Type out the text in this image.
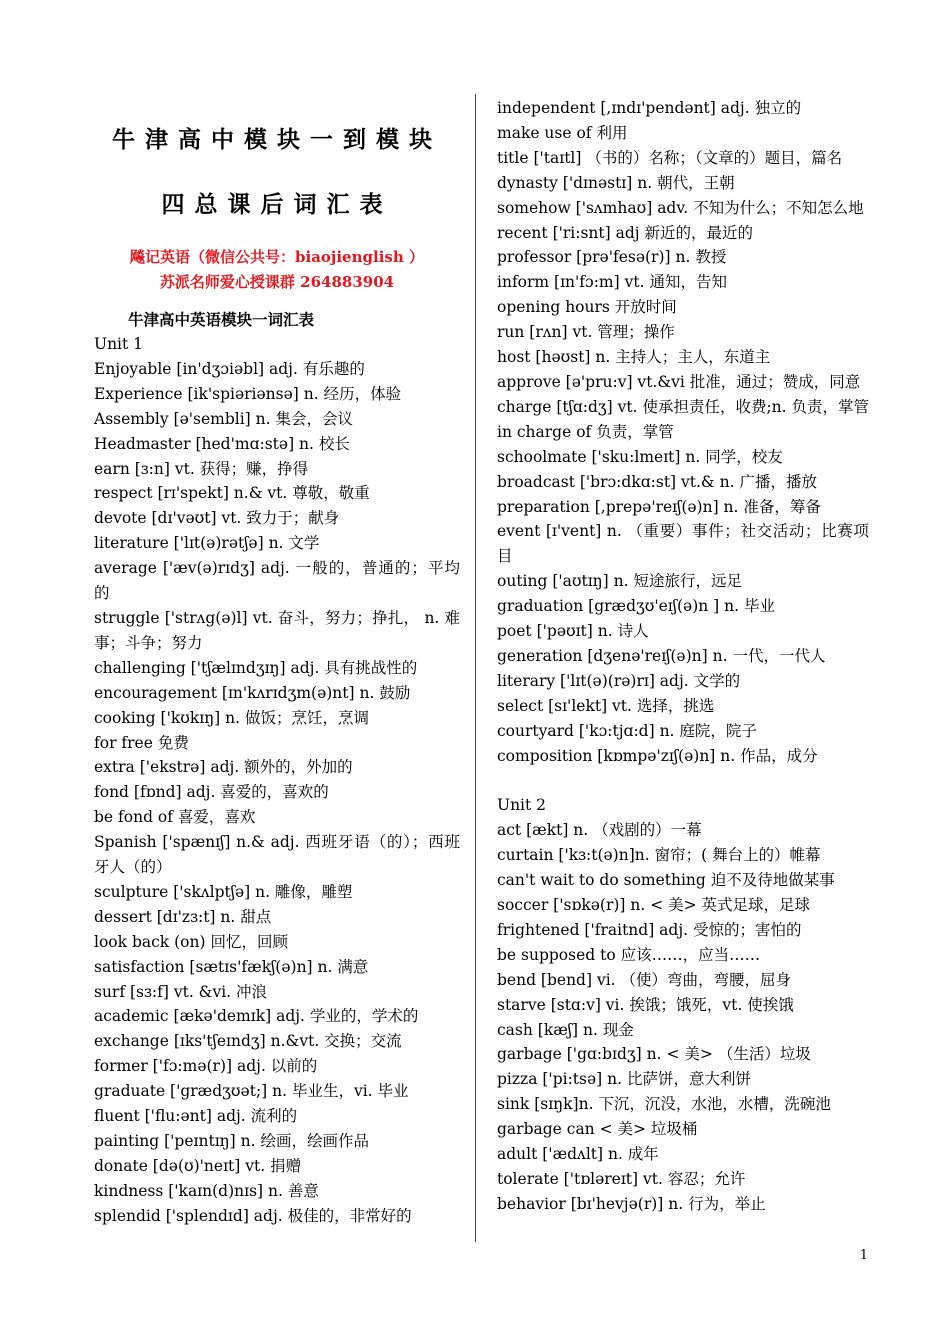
牛津高中模块一到模块
四总课后词汇表
飚记英语（微信公共号：biaojienglish ）
苏派名师爱心授课群 264883904
牛津高中英语模块一词汇表
Unit 1
Enjoyable [in'dʒɔiəbl] adj. 有乐趣的
Experience [ik'spiəriənsə] n. 经历，体验
Assembly [ə'sembli] n. 集会，会议
Headmaster [hed'mɑ:stə] n. 校长
earn [ɜ:n] vt. 获得；赚，挣得
respect [rɪ'spekt] n.& vt. 尊敬，敬重
devote [dɪ'vəʊt] vt. 致力于；献身
literature ['lɪt(ə)rətʃə] n. 文学
average ['æv(ə)rɪdʒ] adj. 一般的，普通的；平均的
struggle ['strʌg(ə)l] vt. 奋斗，努力；挣扎， n. 难事；斗争；努力
challenging ['tʃælɪndʒɪŋ] adj. 具有挑战性的
encouragement [ɪn'kʌrɪdʒm(ə)nt] n. 鼓励
cooking ['kʊkɪŋ] n. 做饭；烹饪，烹调
for free 免费
extra ['ekstrə] adj. 额外的，外加的
fond [fɒnd] adj. 喜爱的，喜欢的
be fond of 喜爱，喜欢
Spanish ['spænɪʃ] n.& adj. 西班牙语（的）；西班牙人（的）
sculpture ['skʌlptʃə] n. 雕像，雕塑
dessert [dɪ'zɜ:t] n. 甜点
look back (on) 回忆，回顾
satisfaction [sætɪs'fækʃ(ə)n] n. 满意
surf [sɜ:f] vt. &vi. 冲浪
academic [ækə'demɪk] adj. 学业的，学术的
exchange [ɪks'tʃeɪndʒ] n.&vt. 交换；交流
former ['fɔ:mə(r)] adj. 以前的
graduate ['grædʒʊət;] n. 毕业生，vi. 毕业
fluent ['flu:ənt] adj. 流利的
painting ['peɪntɪŋ] n. 绘画，绘画作品
donate [də(ʊ)'neɪt] vt. 捐赠
kindness ['kaɪn(d)nɪs] n. 善意
splendid ['splendɪd] adj. 极佳的，非常好的
independent [,ɪndɪ'pendənt] adj. 独立的
make use of 利用
title ['taɪtl] （书的）名称；（文章的）题目，篇名
dynasty ['dɪnəstɪ] n. 朝代，王朝
somehow ['sʌmhaʊ] adv. 不知为什么；不知怎么地
recent ['ri:snt] adj 新近的，最近的
professor [prə'fesə(r)] n. 教授
inform [ɪn'fɔ:m] vt. 通知，告知
opening hours 开放时间
run [rʌn] vt. 管理；操作
host [həʊst] n. 主持人；主人，东道主
approve [ə'pru:v] vt.&vi 批准，通过；赞成，同意
charge [tʃɑ:dʒ] vt. 使承担责任，收费;n. 负责，掌管
in charge of 负责，掌管
schoolmate ['sku:lmeɪt] n. 同学，校友
broadcast ['brɔ:dkɑ:st] vt.& n. 广播，播放
preparation [,prepə'reɪʃ(ə)n] n. 准备，筹备
event [ɪ'vent] n. （重要）事件；社交活动；比赛项目
outing ['aʊtɪŋ] n. 短途旅行，远足
graduation [grædʒʊ'eɪʃ(ə)n ] n. 毕业
poet ['pəʊɪt] n. 诗人
generation [dʒenə'reɪʃ(ə)n] n. 一代，一代人
literary ['lɪt(ə)(rə)rɪ] adj. 文学的
select [sɪ'lekt] vt. 选择，挑选
courtyard ['kɔ:tjɑ:d] n. 庭院，院子
composition [kɒmpə'zɪʃ(ə)n] n. 作品，成分
Unit 2
act [ækt] n. （戏剧的）一幕
curtain ['kɜ:t(ə)n]n. 窗帘；( 舞台上的）帷幕
can't wait to do something 迫不及待地做某事
soccer ['sɒkə(r)] n. < 美> 英式足球，足球
frightened ['fraitnd] adj. 受惊的；害怕的
be supposed to 应该……，应当……
bend [bend] vi. （使）弯曲，弯腰，屈身
starve [stɑ:v] vi. 挨饿；饿死，vt. 使挨饿
cash [kæʃ] n. 现金
garbage ['gɑ:bɪdʒ] n. < 美> （生活）垃圾
pizza ['pi:tsə] n. 比萨饼，意大利饼
sink [sɪŋk]n. 下沉，沉没，水池，水槽，洗碗池
garbage can < 美> 垃圾桶
adult ['ædʌlt] n. 成年
tolerate ['tɒləreɪt] vt. 容忍；允许
behavior [bɪ'hevjə(r)] n. 行为，举止
1
